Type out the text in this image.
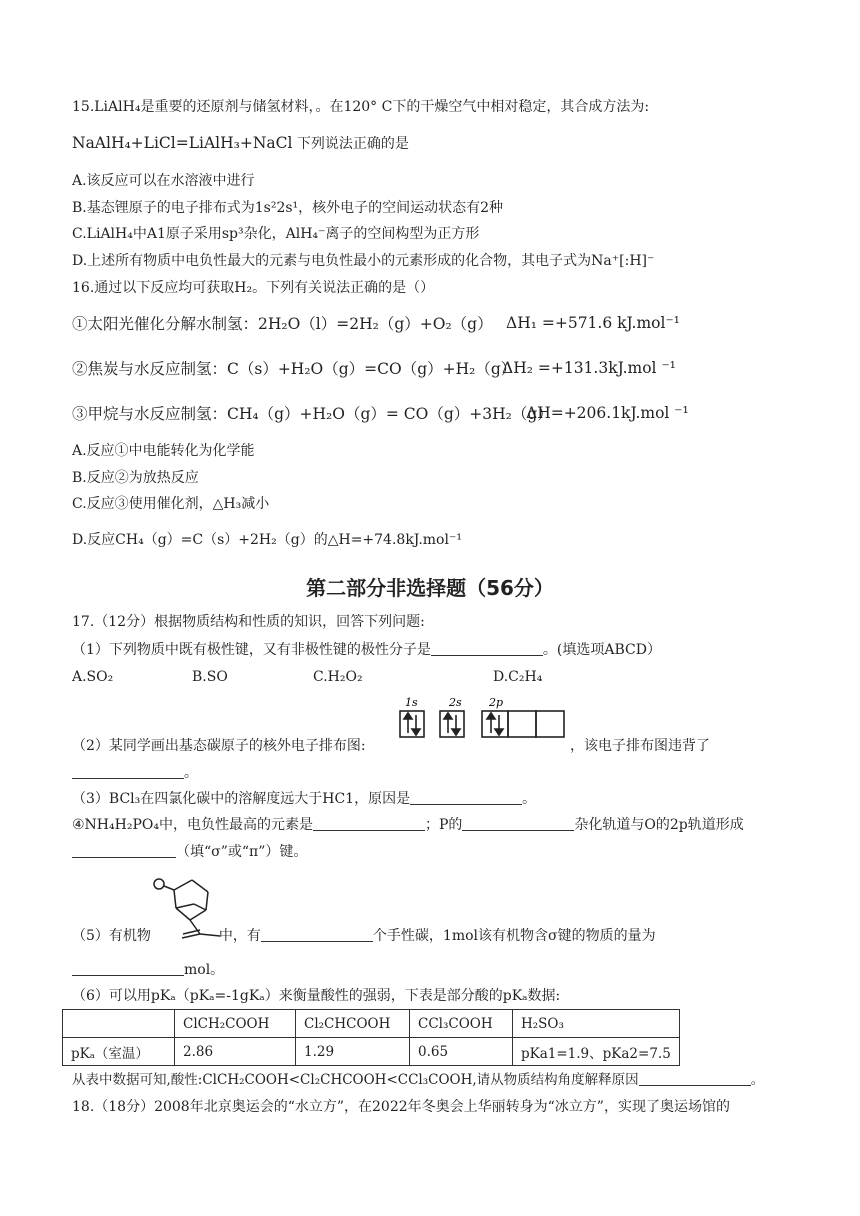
15.LiAlH₄是重要的还原剂与储氢材料，。在120° C下的干燥空气中相对稳定，其合成方法为:
NaAlH₄+LiCl=LiAlH₃+NaCl 下列说法正确的是
A.该反应可以在水溶液中进行
B.基态锂原子的电子排布式为1s²2s¹，核外电子的空间运动状态有2种
C.LiAlH₄中A1原子采用sp³杂化，AlH₄⁻离子的空间构型为正方形
D.上述所有物质中电负性最大的元素与电负性最小的元素形成的化合物，其电子式为Na⁺[:H]⁻
16.通过以下反应均可获取H₂。下列有关说法正确的是（）
①太阳光催化分解水制氢：2H₂O（l）=2H₂（g）+O₂（g） ΔH₁ =+571.6 kJ.mol⁻¹
②焦炭与水反应制氢：C（s）+H₂O（g）=CO（g）+H₂（g）
ΔH₂ =+131.3kJ.mol ⁻¹
③甲烷与水反应制氢：CH₄（g）+H₂O（g）= CO（g）+3H₂（g）
ΔH=+206.1kJ.mol ⁻¹
A.反应①中电能转化为化学能
B.反应②为放热反应
C.反应③使用催化剂，△H₃减小
D.反应CH₄（g）=C（s）+2H₂（g）的△H=+74.8kJ.mol⁻¹
第二部分非选择题（56分）
17.（12分）根据物质结构和性质的知识，回答下列问题:
（1）下列物质中既有极性键，又有非极性键的极性分子是	。(填选项ABCD）
A.SO₂	B.SO	C.H₂O₂	D.C₂H₄
1s	2s 2p
（2）某同学画出基态碳原子的核外电子排布图:	，该电子排布图违背了
。
（3）BCl₃在四氯化碳中的溶解度远大于HC1，原因是	。
④NH₄H₂PO₄中，电负性最高的元素是	；P的	杂化轨道与O的2p轨道形成
（填“σ”或“π”）键。
（5）有机物	中，有	个手性碳，1mol该有机物含σ键的物质的量为
mol。
（6）可以用pKₐ（pKₐ=-1gKₐ）来衡量酸性的强弱，下表是部分酸的pKₐ数据:
	ClCH₂COOH	Cl₂CHCOOH	CCl₃COOH	H₂SO₃
pKₐ（室温）	2.86	1.29	0.65	pKa1=1.9、pKa2=7.5
从表中数据可知,酸性:ClCH₂COOH<Cl₂CHCOOH<CCl₃COOH,请从物质结构角度解释原因	。
18.（18分）2008年北京奥运会的“水立方”，在2022年冬奥会上华丽转身为“冰立方”，实现了奥运场馆的
